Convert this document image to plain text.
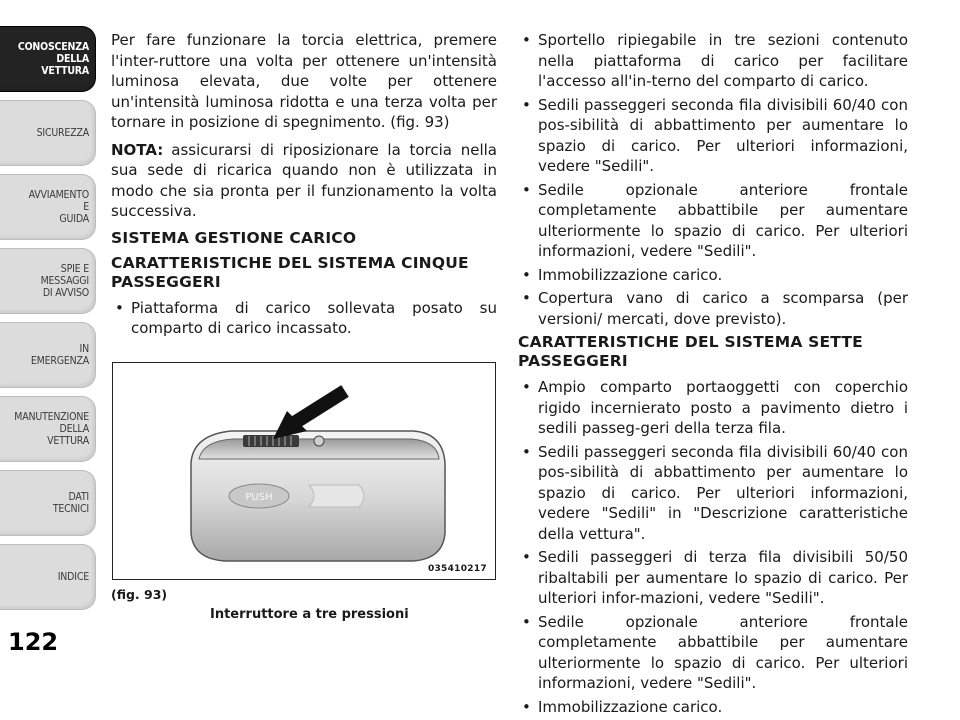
CONOSCENZA
DELLA
VETTURA
SICUREZZA
AVVIAMENTO
E
GUIDA
SPIE E
MESSAGGI
DI AVVISO
IN
EMERGENZA
MANUTENZIONE
DELLA
VETTURA
DATI
TECNICI
INDICE
122

Per fare funzionare la torcia elettrica, premere l'inter-ruttore una volta per ottenere un'intensità luminosa elevata, due volte per ottenere un'intensità luminosa ridotta e una terza volta per tornare in posizione di spegnimento. (fig. 93)

NOTA: assicurarsi di riposizionare la torcia nella sua sede di ricarica quando non è utilizzata in modo che sia pronta per il funzionamento la volta successiva.

SISTEMA GESTIONE CARICO
CARATTERISTICHE DEL SISTEMA CINQUE PASSEGGERI
• Piattaforma di carico sollevata posato su comparto di carico incassato.
PUSH
035410217
(fig. 93)
Interruttore a tre pressioni
• Sportello ripiegabile in tre sezioni contenuto nella piattaforma di carico per facilitare l'accesso all'in-terno del comparto di carico.
• Sedili passeggeri seconda fila divisibili 60/40 con pos-sibilità di abbattimento per aumentare lo spazio di carico. Per ulteriori informazioni, vedere "Sedili".
• Sedile opzionale anteriore frontale completamente abbattibile per aumentare ulteriormente lo spazio di carico. Per ulteriori informazioni, vedere "Sedili".
• Immobilizzazione carico.
• Copertura vano di carico a scomparsa (per versioni/ mercati, dove previsto).
CARATTERISTICHE DEL SISTEMA SETTE PASSEGGERI
• Ampio comparto portaoggetti con coperchio rigido incernierato posto a pavimento dietro i sedili passeg-geri della terza fila.
• Sedili passeggeri seconda fila divisibili 60/40 con pos-sibilità di abbattimento per aumentare lo spazio di carico. Per ulteriori informazioni, vedere "Sedili" in "Descrizione caratteristiche della vettura".
• Sedili passeggeri di terza fila divisibili 50/50 ribaltabili per aumentare lo spazio di carico. Per ulteriori infor-mazioni, vedere "Sedili".
• Sedile opzionale anteriore frontale completamente abbattibile per aumentare ulteriormente lo spazio di carico. Per ulteriori informazioni, vedere "Sedili".
• Immobilizzazione carico.
